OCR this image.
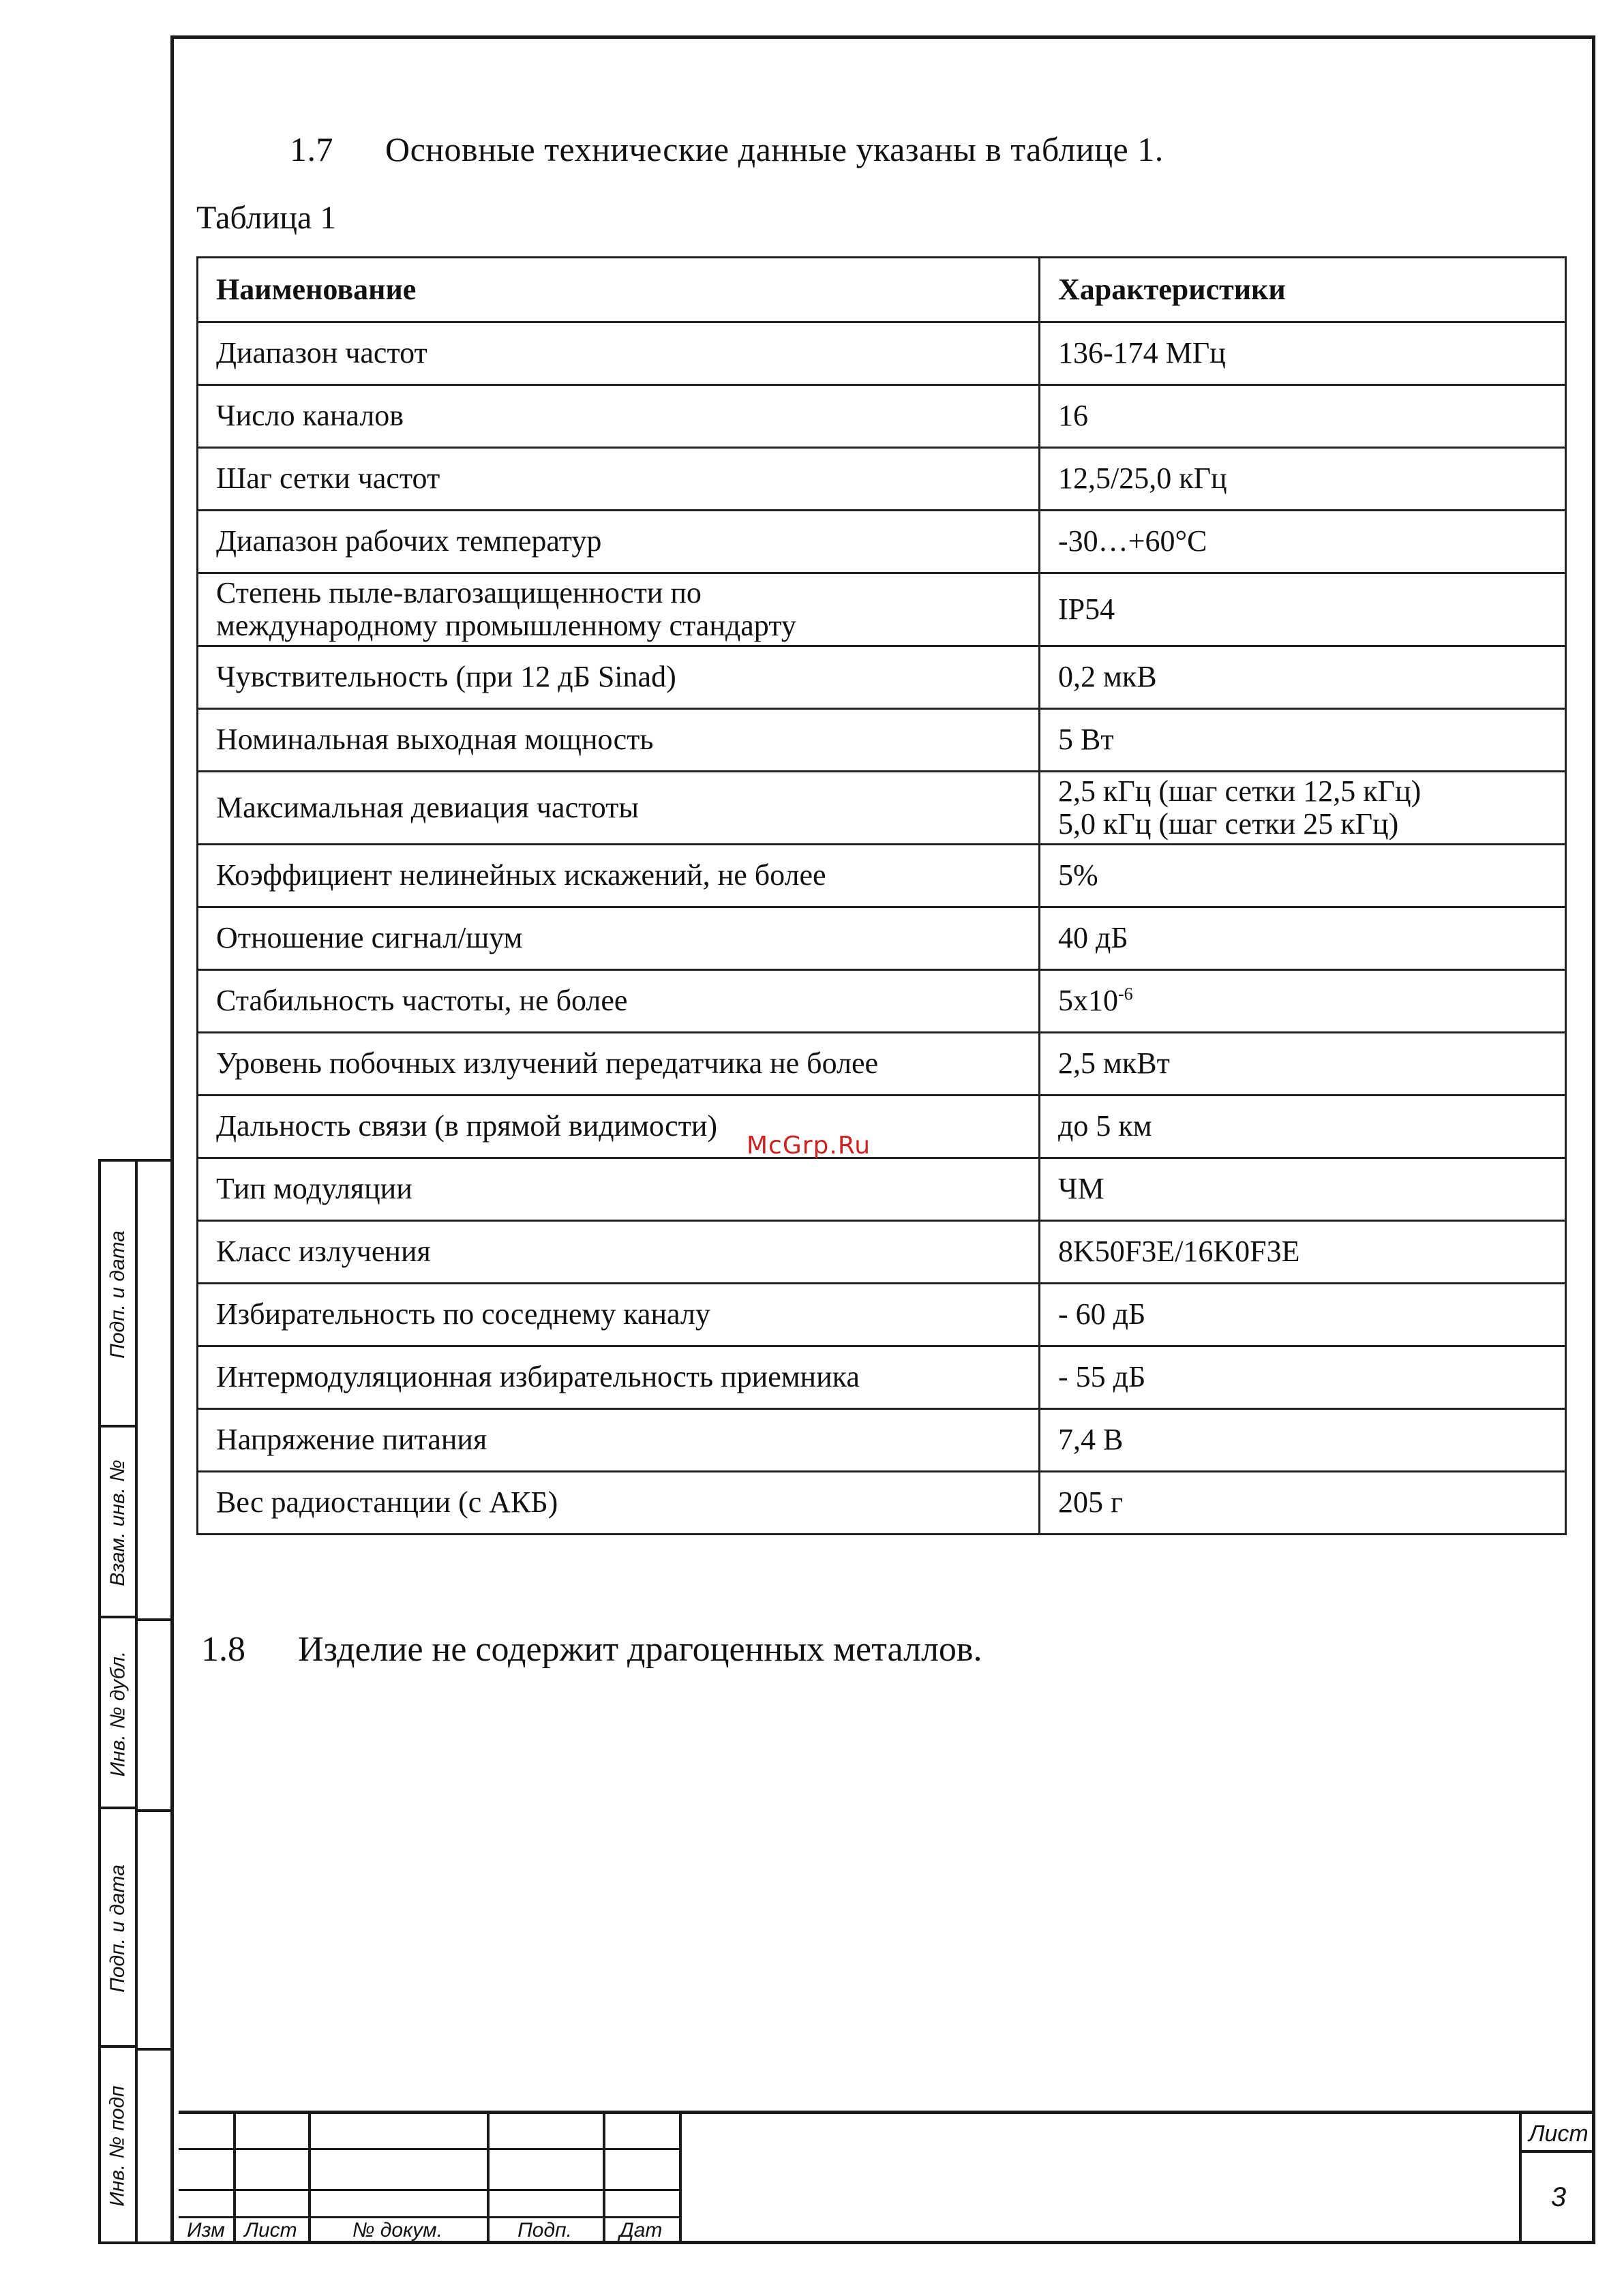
1.7 Основные технические данные указаны в таблице 1.
Таблица 1
Наименование	Характеристики
Диапазон частот	136-174 МГц
Число каналов	16
Шаг сетки частот	12,5/25,0 кГц
Диапазон рабочих температур	-30…+60°С

Степень пыле-влагозащищенности по
международному промышленному стандарту	IP54
Чувствительность (при 12 дБ Sinad)	0,2 мкВ
Номинальная выходная мощность	5 Вт
Максимальная девиация частоты	2,5 кГц (шаг сетки 12,5 кГц)
5,0 кГц (шаг сетки 25 кГц)

Коэффициент нелинейных искажений, не более	5%
Отношение сигнал/шум	40 дБ
Стабильность частоты, не более	$5x10^{-6}$
Уровень побочных излучений передатчика не более	2,5 мкВт
Дальность связи (в прямой видимости)	до 5 км
Тип модуляции	ЧМ
Класс излучения	8K50F3E/16K0F3E
Избирательность по соседнему каналу	- 60 дБ
Интермодуляционная избирательность приемника	- 55 дБ
Напряжение питания	7,4 В
Вес радиостанции (с АКБ)	205 г
McGrp.Ru
1.8 Изделие не содержит драгоценных металлов.
Подп. и дата
Взам. инв. №
Инв. № дубл.
Подп. и дата
Инв. № подп
Изм Лист	№ докум.	Подп.	Дат
Лист
3
